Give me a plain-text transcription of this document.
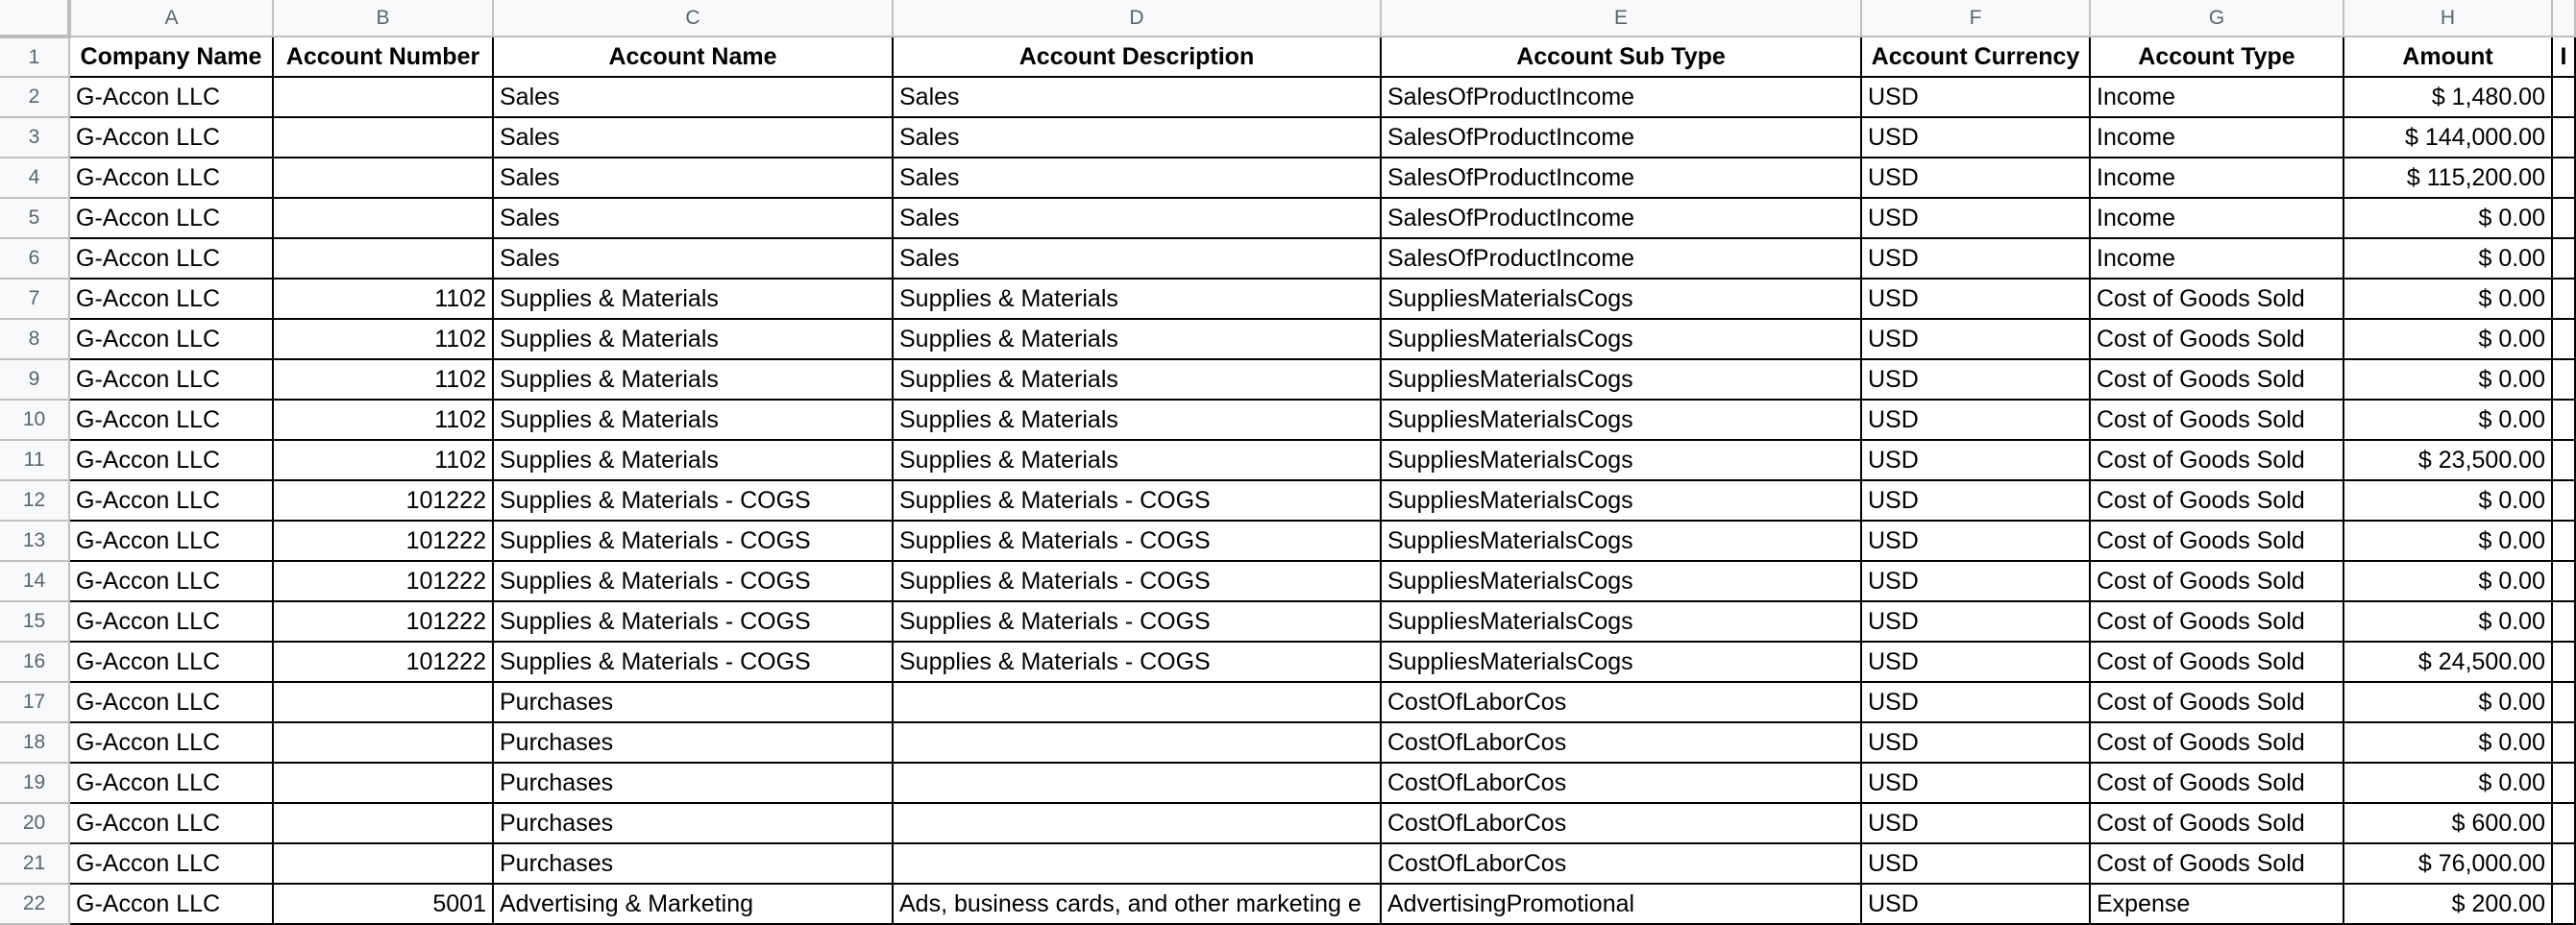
	A	B	C	D	E	F	G	H	
1	Company Name	Account Number	Account Name	Account Description	Account Sub Type	Account Currency	Account Type	Amount	I
2	G-Accon LLC		Sales	Sales	SalesOfProductIncome	USD	Income	$ 1,480.00	
3	G-Accon LLC		Sales	Sales	SalesOfProductIncome	USD	Income	$ 144,000.00	
4	G-Accon LLC		Sales	Sales	SalesOfProductIncome	USD	Income	$ 115,200.00	
5	G-Accon LLC		Sales	Sales	SalesOfProductIncome	USD	Income	$ 0.00	
6	G-Accon LLC		Sales	Sales	SalesOfProductIncome	USD	Income	$ 0.00	
7	G-Accon LLC	1102	Supplies & Materials	Supplies & Materials	SuppliesMaterialsCogs	USD	Cost of Goods Sold	$ 0.00	
8	G-Accon LLC	1102	Supplies & Materials	Supplies & Materials	SuppliesMaterialsCogs	USD	Cost of Goods Sold	$ 0.00	
9	G-Accon LLC	1102	Supplies & Materials	Supplies & Materials	SuppliesMaterialsCogs	USD	Cost of Goods Sold	$ 0.00	
10	G-Accon LLC	1102	Supplies & Materials	Supplies & Materials	SuppliesMaterialsCogs	USD	Cost of Goods Sold	$ 0.00	
11	G-Accon LLC	1102	Supplies & Materials	Supplies & Materials	SuppliesMaterialsCogs	USD	Cost of Goods Sold	$ 23,500.00	
12	G-Accon LLC	101222	Supplies & Materials - COGS	Supplies & Materials - COGS	SuppliesMaterialsCogs	USD	Cost of Goods Sold	$ 0.00	
13	G-Accon LLC	101222	Supplies & Materials - COGS	Supplies & Materials - COGS	SuppliesMaterialsCogs	USD	Cost of Goods Sold	$ 0.00	
14	G-Accon LLC	101222	Supplies & Materials - COGS	Supplies & Materials - COGS	SuppliesMaterialsCogs	USD	Cost of Goods Sold	$ 0.00	
15	G-Accon LLC	101222	Supplies & Materials - COGS	Supplies & Materials - COGS	SuppliesMaterialsCogs	USD	Cost of Goods Sold	$ 0.00	
16	G-Accon LLC	101222	Supplies & Materials - COGS	Supplies & Materials - COGS	SuppliesMaterialsCogs	USD	Cost of Goods Sold	$ 24,500.00	
17	G-Accon LLC		Purchases		CostOfLaborCos	USD	Cost of Goods Sold	$ 0.00	
18	G-Accon LLC		Purchases		CostOfLaborCos	USD	Cost of Goods Sold	$ 0.00	
19	G-Accon LLC		Purchases		CostOfLaborCos	USD	Cost of Goods Sold	$ 0.00	
20	G-Accon LLC		Purchases		CostOfLaborCos	USD	Cost of Goods Sold	$ 600.00	
21	G-Accon LLC		Purchases		CostOfLaborCos	USD	Cost of Goods Sold	$ 76,000.00	
22	G-Accon LLC	5001	Advertising & Marketing	Ads, business cards, and other marketing e	AdvertisingPromotional	USD	Expense	$ 200.00	
